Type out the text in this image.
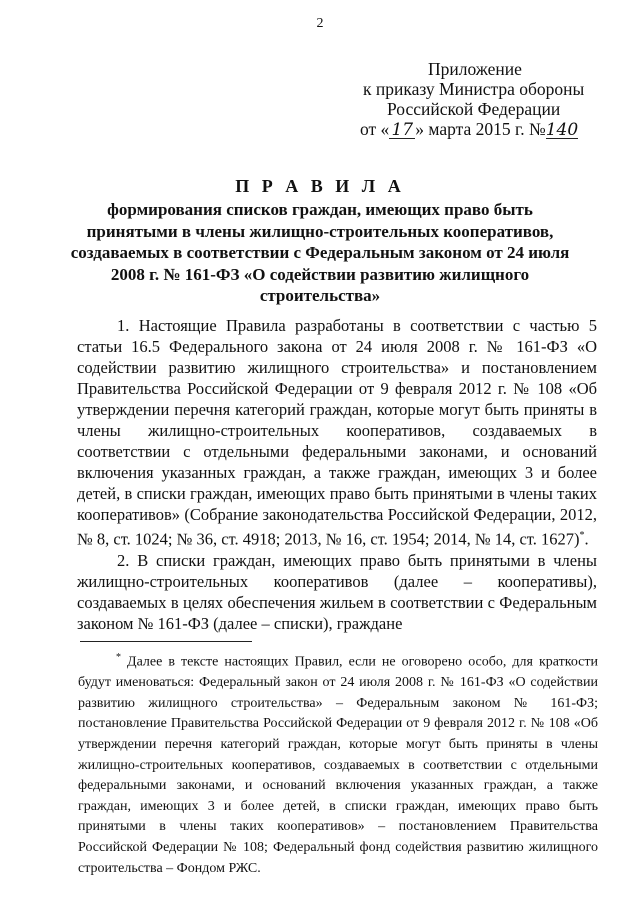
2
Приложение
к приказу Министра обороны
Российской Федерации
от « 17 » марта 2015 г. №140
П Р А В И Л А
формирования списков граждан, имеющих право быть принятыми в члены жилищно-строительных кооперативов, создаваемых в соответствии с Федеральным законом от 24 июля 2008 г. № 161-ФЗ «О содействии развитию жилищного строительства»

1. Настоящие Правила разработаны в соответствии с частью 5 статьи 16.5 Федерального закона от 24 июля 2008 г. № 161-ФЗ «О содействии развитию жилищного строительства» и постановлением Правительства Российской Федерации от 9 февраля 2012 г. № 108 «Об утверждении перечня категорий граждан, которые могут быть приняты в члены жилищно-строительных кооперативов, создаваемых в соответствии с отдельными федеральными законами, и оснований включения указанных граждан, а также граждан, имеющих 3 и более детей, в списки граждан, имеющих право быть принятыми в члены таких кооперативов» (Собрание законодательства Российской Федерации, 2012, № 8, ст. 1024; № 36, ст. 4918; 2013, № 16, ст. 1954; 2014, № 14, ст. 1627)*.

2. В списки граждан, имеющих право быть принятыми в члены жилищно-строительных кооперативов (далее – кооперативы), создаваемых в целях обеспечения жильем в соответствии с Федеральным законом № 161-ФЗ (далее – списки), граждане

* Далее в тексте настоящих Правил, если не оговорено особо, для краткости будут именоваться: Федеральный закон от 24 июля 2008 г. № 161-ФЗ «О содействии развитию жилищного строительства» – Федеральным законом № 161-ФЗ; постановление Правительства Российской Федерации от 9 февраля 2012 г. № 108 «Об утверждении перечня категорий граждан, которые могут быть приняты в члены жилищно-строительных кооперативов, создаваемых в соответствии с отдельными федеральными законами, и оснований включения указанных граждан, а также граждан, имеющих 3 и более детей, в списки граждан, имеющих право быть принятыми в члены таких кооперативов» – постановлением Правительства Российской Федерации № 108; Федеральный фонд содействия развитию жилищного строительства – Фондом РЖС.
